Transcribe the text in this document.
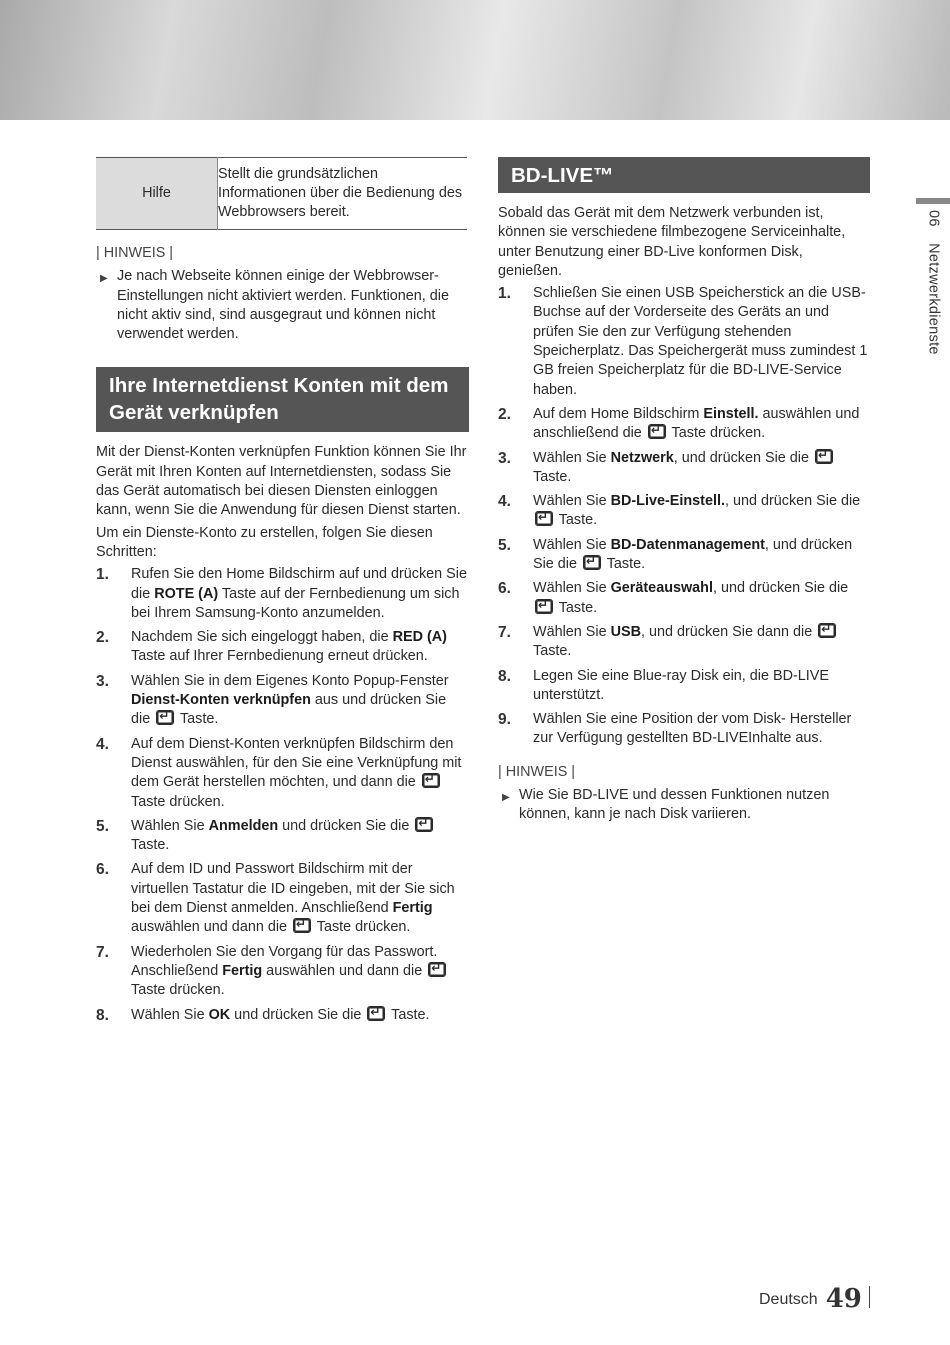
06 Netzwerkdienste
Hilfe	Stellt die grundsätzlichen Informationen über die Bedienung des Webbrowsers bereit.
| HINWEIS |
▶ Je nach Webseite können einige der Webbrowser-Einstellungen nicht aktiviert werden. Funktionen, die nicht aktiv sind, sind ausgegraut und können nicht verwendet werden.
Ihre Internetdienst Konten mit dem Gerät verknüpfen

Mit der Dienst-Konten verknüpfen Funktion können Sie Ihr Gerät mit Ihren Konten auf Internetdiensten, sodass Sie das Gerät automatisch bei diesen Diensten einloggen kann, wenn Sie die Anwendung für diesen Dienst starten.

Um ein Dienste-Konto zu erstellen, folgen Sie diesen Schritten:

1. Rufen Sie den Home Bildschirm auf und drücken Sie die ROTE (A) Taste auf der Fernbedienung um sich bei Ihrem Samsung-Konto anzumelden.
2. Nachdem Sie sich eingeloggt haben, die RED (A) Taste auf Ihrer Fernbedienung erneut drücken.
3. Wählen Sie in dem Eigenes Konto Popup-Fenster Dienst-Konten verknüpfen aus und drücken Sie die ↵ Taste.
4. Auf dem Dienst-Konten verknüpfen Bildschirm den Dienst auswählen, für den Sie eine Verknüpfung mit dem Gerät herstellen möchten, und dann die ↵ Taste drücken.
5. Wählen Sie Anmelden und drücken Sie die ↵ Taste.
6. Auf dem ID und Passwort Bildschirm mit der virtuellen Tastatur die ID eingeben, mit der Sie sich bei dem Dienst anmelden. Anschließend Fertig auswählen und dann die ↵ Taste drücken.
7. Wiederholen Sie den Vorgang für das Passwort. Anschließend Fertig auswählen und dann die ↵ Taste drücken.
8. Wählen Sie OK und drücken Sie die ↵ Taste.
BD-LIVE™

Sobald das Gerät mit dem Netzwerk verbunden ist, können sie verschiedene filmbezogene Serviceinhalte, unter Benutzung einer BD-Live konformen Disk, genießen.

1. Schließen Sie einen USB Speicherstick an die USB-Buchse auf der Vorderseite des Geräts an und prüfen Sie den zur Verfügung stehenden Speicherplatz. Das Speichergerät muss zumindest 1 GB freien Speicherplatz für die BD-LIVE-Service haben.
2. Auf dem Home Bildschirm Einstell. auswählen und anschließend die ↵ Taste drücken.
3. Wählen Sie Netzwerk, und drücken Sie die ↵ Taste.
4. Wählen Sie BD-Live-Einstell., und drücken Sie die ↵ Taste.
5. Wählen Sie BD-Datenmanagement, und drücken Sie die ↵ Taste.
6. Wählen Sie Geräteauswahl, und drücken Sie die ↵ Taste.
7. Wählen Sie USB, und drücken Sie dann die ↵ Taste.
8. Legen Sie eine Blue-ray Disk ein, die BD-LIVE unterstützt.
9. Wählen Sie eine Position der vom Disk- Hersteller zur Verfügung gestellten BD-LIVEInhalte aus.
| HINWEIS |
▶ Wie Sie BD-LIVE und dessen Funktionen nutzen können, kann je nach Disk variieren.
Deutsch 49
